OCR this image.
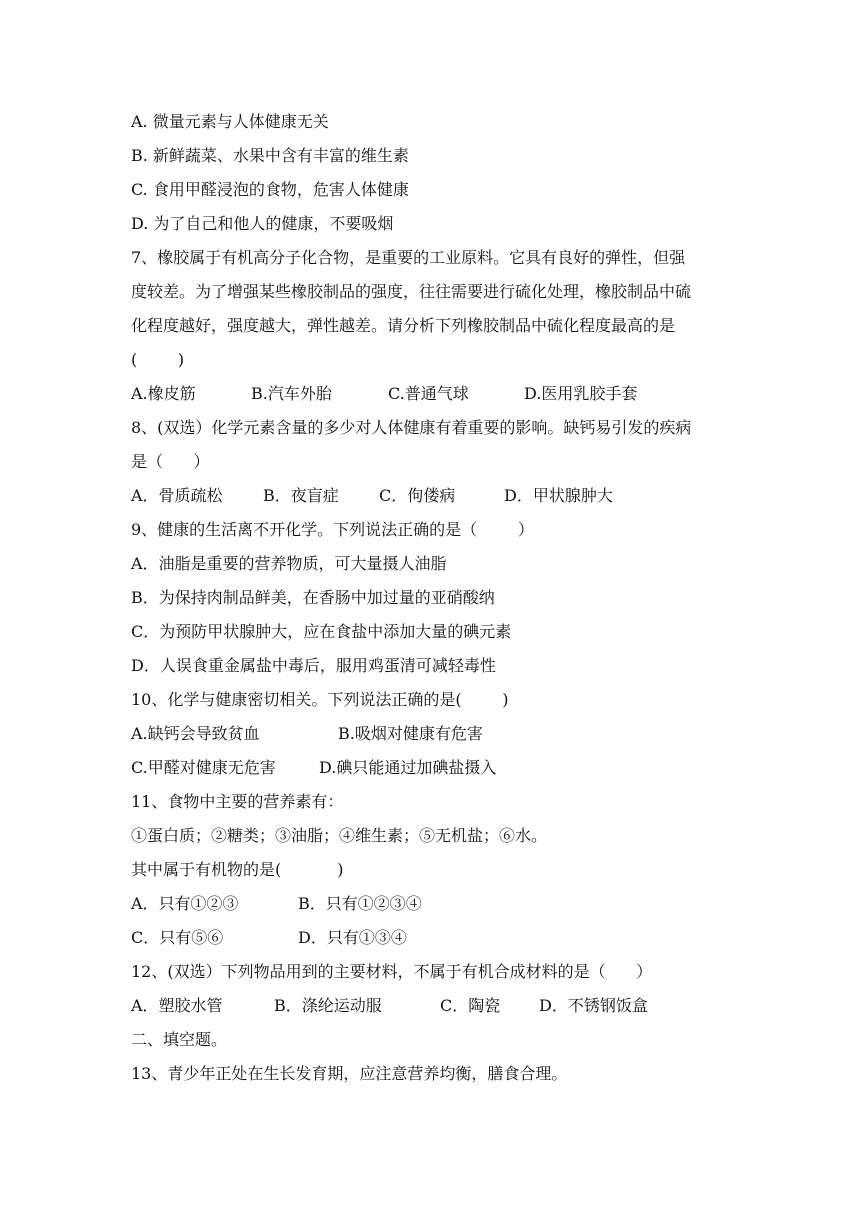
A. 微量元素与人体健康无关
B. 新鲜蔬菜、水果中含有丰富的维生素
C. 食用甲醛浸泡的食物，危害人体健康
D. 为了自己和他人的健康，不要吸烟
7、橡胶属于有机高分子化合物，是重要的工业原料。它具有良好的弹性，但强
度较差。为了增强某些橡胶制品的强度，往往需要进行硫化处理，橡胶制品中硫
化程度越好，强度越大，弹性越差。请分析下列橡胶制品中硫化程度最高的是
(        )

A.橡皮筋

	B.汽车外胎

	C.普通气球

	D.医用乳胶手套

8、(双选）化学元素含量的多少对人体健康有着重要的影响。缺钙易引发的疾病
是（      ）

A．骨质疏松

	B．夜盲症

	C．佝偻病

	D．甲状腺肿大

9、健康的生活离不开化学。下列说法正确的是（        ）
A．油脂是重要的营养物质，可大量摄人油脂
B．为保持肉制品鲜美，在香肠中加过量的亚硝酸纳
C．为预防甲状腺肿大，应在食盐中添加大量的碘元素
D．人误食重金属盐中毒后，服用鸡蛋清可减轻毒性
10、化学与健康密切相关。下列说法正确的是(        )

A.缺钙会导致贫血

	B.吸烟对健康有危害

C.甲醛对健康无危害

	D.碘只能通过加碘盐摄入

11、食物中主要的营养素有：
①蛋白质；②糖类；③油脂；④维生素；⑤无机盐；⑥水。
其中属于有机物的是(           )

A．只有①②③

	B．只有①②③④

C．只有⑤⑥

	D．只有①③④

12、(双选）下列物品用到的主要材料，不属于有机合成材料的是（      ）

A．塑胶水管

	B．涤纶运动服

	C．陶瓷

D．不锈钢饭盒

二、填空题。
13、青少年正处在生长发育期，应注意营养均衡，膳食合理。
